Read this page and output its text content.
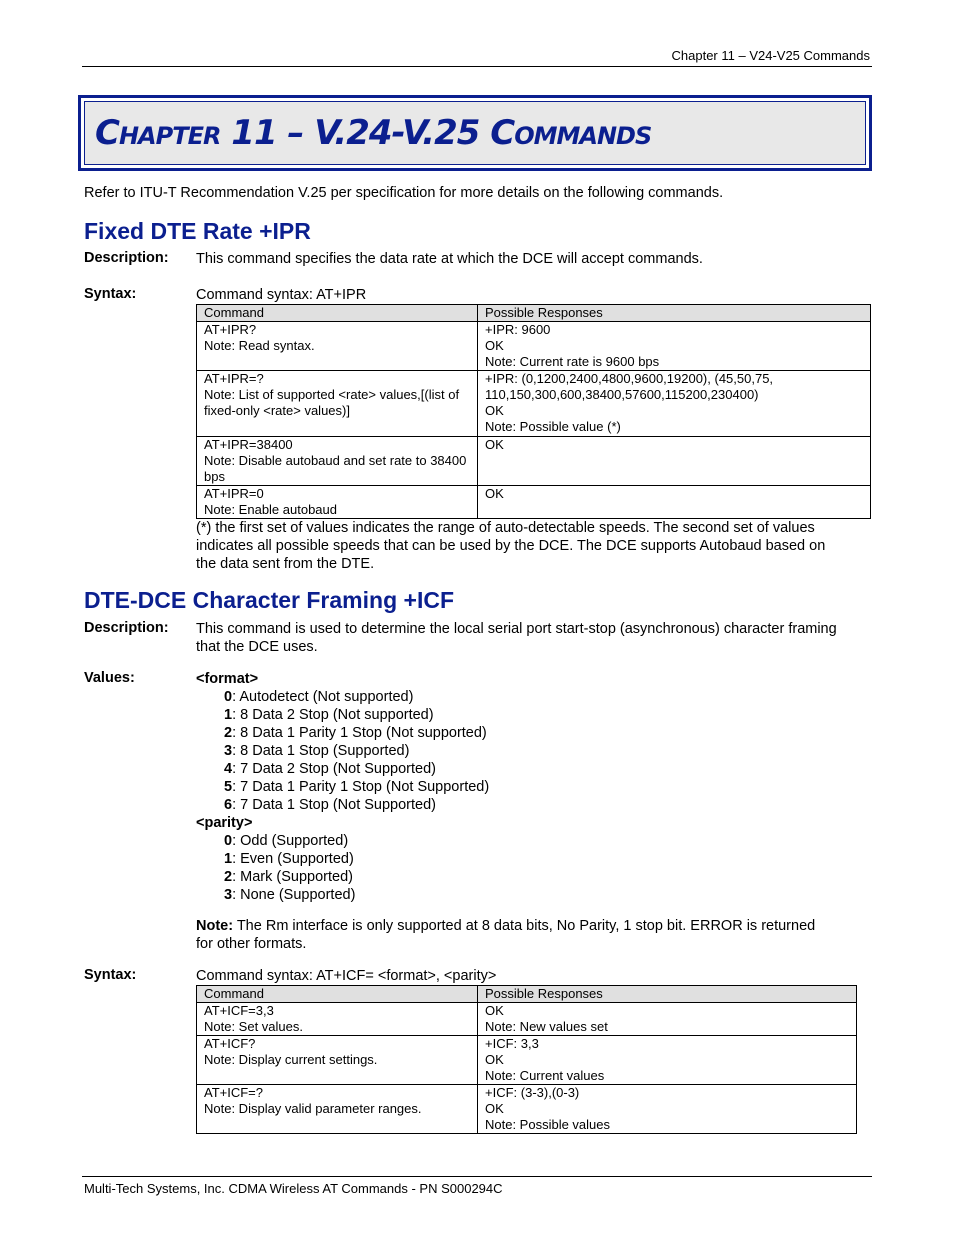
Chapter 11 – V24-V25 Commands
Chapter 11 – V.24-V.25 Commands
Refer to ITU-T Recommendation V.25 per specification for more details on the following commands.
Fixed DTE Rate +IPR
Description: This command specifies the data rate at which the DCE will accept commands.
Syntax:	Command syntax: AT+IPR
Command	Possible Responses

AT+IPR?
Note: Read syntax.	+IPR: 9600
OK
Note: Current rate is 9600 bps

AT+IPR=?
Note: List of supported <rate> values,[(list of fixed-only <rate> values)]	+IPR: (0,1200,2400,4800,9600,19200), (45,50,75, 110,150,300,600,38400,57600,115200,230400)
OK
Note: Possible value (*)

AT+IPR=38400
Note: Disable autobaud and set rate to 38400 bps	OK

AT+IPR=0
Note: Enable autobaud	OK
(*) the first set of values indicates the range of auto-detectable speeds. The second set of values indicates all possible speeds that can be used by the DCE. The DCE supports Autobaud based on the data sent from the DTE.
DTE-DCE Character Framing +ICF
Description: This command is used to determine the local serial port start-stop (asynchronous) character framing that the DCE uses.
Values:	<format>
0: Autodetect (Not supported)
1: 8 Data 2 Stop (Not supported)
2: 8 Data 1 Parity 1 Stop (Not supported)
3: 8 Data 1 Stop (Supported)
4: 7 Data 2 Stop (Not Supported)
5: 7 Data 1 Parity 1 Stop (Not Supported)
6: 7 Data 1 Stop (Not Supported)
<parity>
0: Odd (Supported)
1: Even (Supported)
2: Mark (Supported)
3: None (Supported)
Note: The Rm interface is only supported at 8 data bits, No Parity, 1 stop bit. ERROR is returned for other formats.
Syntax:	Command syntax: AT+ICF= <format>, <parity>
Command	Possible Responses

AT+ICF=3,3
Note: Set values.	OK
Note: New values set

AT+ICF?
Note: Display current settings.	+ICF: 3,3
OK
Note: Current values

AT+ICF=?
Note: Display valid parameter ranges.	+ICF: (3-3),(0-3)
OK
Note: Possible values
Multi-Tech Systems, Inc. CDMA Wireless AT Commands - PN S000294C
